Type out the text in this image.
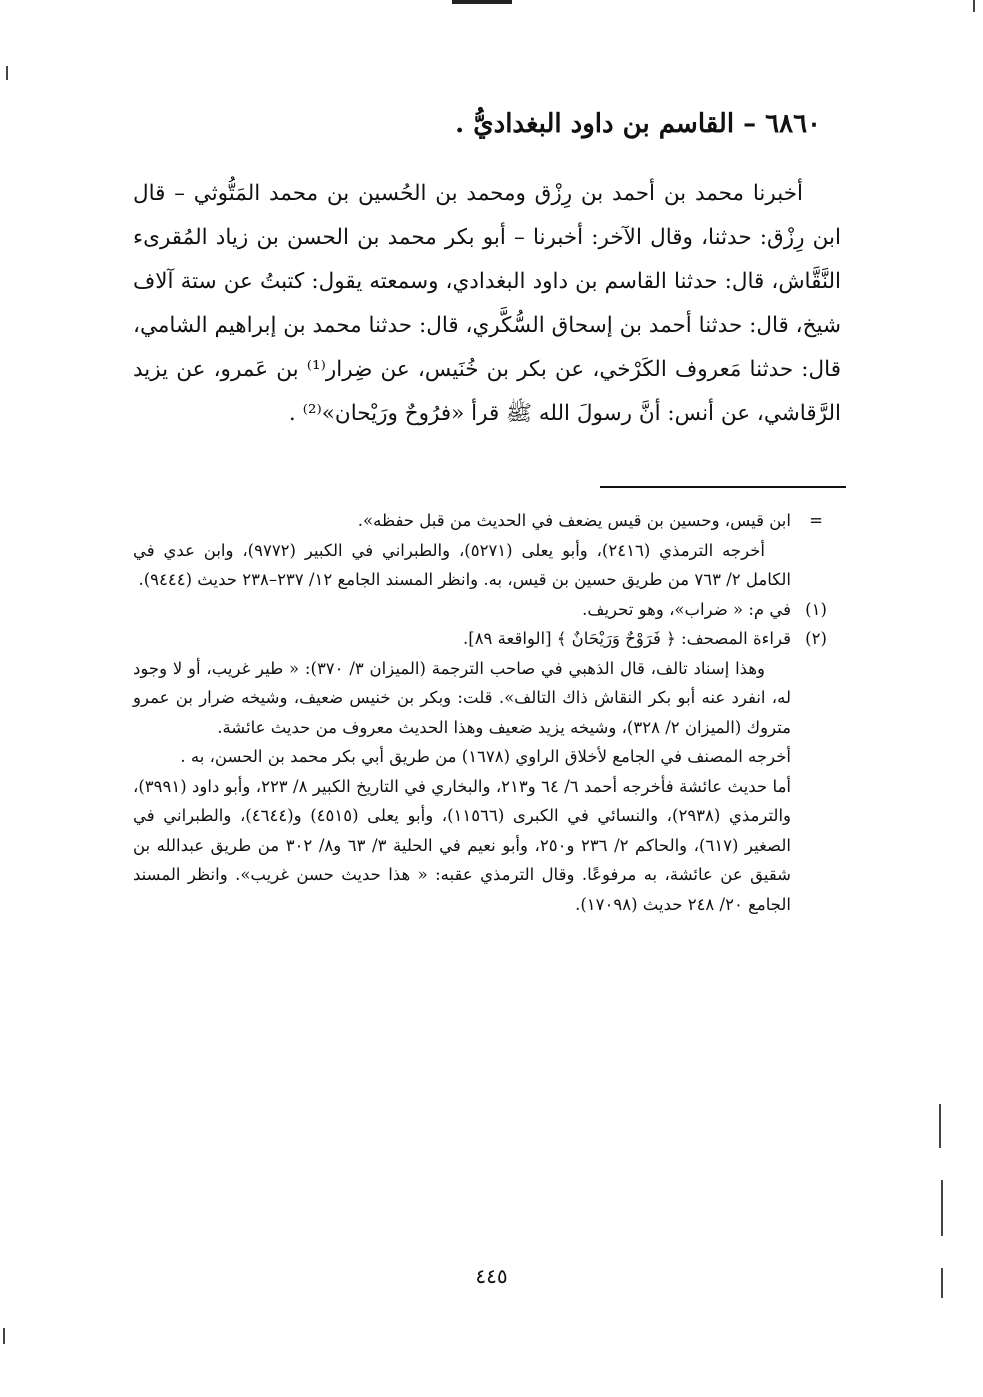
٦٨٦٠ – القاسم بن داود البغداديُّ .

أخبرنا محمد بن أحمد بن رِزْق ومحمد بن الحُسين بن محمد المَتُّوثي – قال ابن رِزْق: حدثنا، وقال الآخر: أخبرنا – أبو بكر محمد بن الحسن بن زياد المُقرىء النَّقَّاش، قال: حدثنا القاسم بن داود البغدادي، وسمعته يقول: كتبتُ عن ستة آلاف شيخ، قال: حدثنا أحمد بن إسحاق السُّكَّري، قال: حدثنا محمد بن إبراهيم الشامي، قال: حدثنا مَعروف الكَرْخي، عن بكر بن خُنَيس، عن ضِرار⁽¹⁾ بن عَمرو، عن يزيد الرَّقاشي، عن أنس: أنَّ رسولَ الله ﷺ قرأ «فرُوحٌ ورَيْحان»⁽²⁾ .

=
ابن قيس، وحسين بن قيس يضعف في الحديث من قبل حفظه».
أخرجه الترمذي (٢٤١٦)، وأبو يعلى (٥٢٧١)، والطبراني في الكبير (٩٧٧٢)، وابن عدي في الكامل ٢/ ٧٦٣ من طريق حسين بن قيس، به. وانظر المسند الجامع ١٢/ ٢٣٧–٢٣٨ حديث (٩٤٤٤).
(١)
في م: « ضراب»، وهو تحريف.
(٢)
قراءة المصحف: ﴿ فَرَوْحٌ وَرَيْحَانٌ ﴾ [الواقعة ٨٩].
وهذا إسناد تالف، قال الذهبي في صاحب الترجمة (الميزان ٣/ ٣٧٠): « طير غريب، أو لا وجود له، انفرد عنه أبو بكر النقاش ذاك التالف». قلت: وبكر بن خنيس ضعيف، وشيخه ضرار بن عمرو متروك (الميزان ٢/ ٣٢٨)، وشيخه يزيد ضعيف وهذا الحديث معروف من حديث عائشة.
أخرجه المصنف في الجامع لأخلاق الراوي (١٦٧٨) من طريق أبي بكر محمد بن الحسن، به .
أما حديث عائشة فأخرجه أحمد ٦/ ٦٤ و٢١٣، والبخاري في التاريخ الكبير ٨/ ٢٢٣، وأبو داود (٣٩٩١)، والترمذي (٢٩٣٨)، والنسائي في الكبرى (١١٥٦٦)، وأبو يعلى (٤٥١٥) و(٤٦٤٤)، والطبراني في الصغير (٦١٧)، والحاكم ٢/ ٢٣٦ و٢٥٠، وأبو نعيم في الحلية ٣/ ٦٣ و٨/ ٣٠٢ من طريق عبدالله بن شقيق عن عائشة، به مرفوعًا. وقال الترمذي عقبه: « هذا حديث حسن غريب». وانظر المسند الجامع ٢٠/ ٢٤٨ حديث (١٧٠٩٨).
٤٤٥
